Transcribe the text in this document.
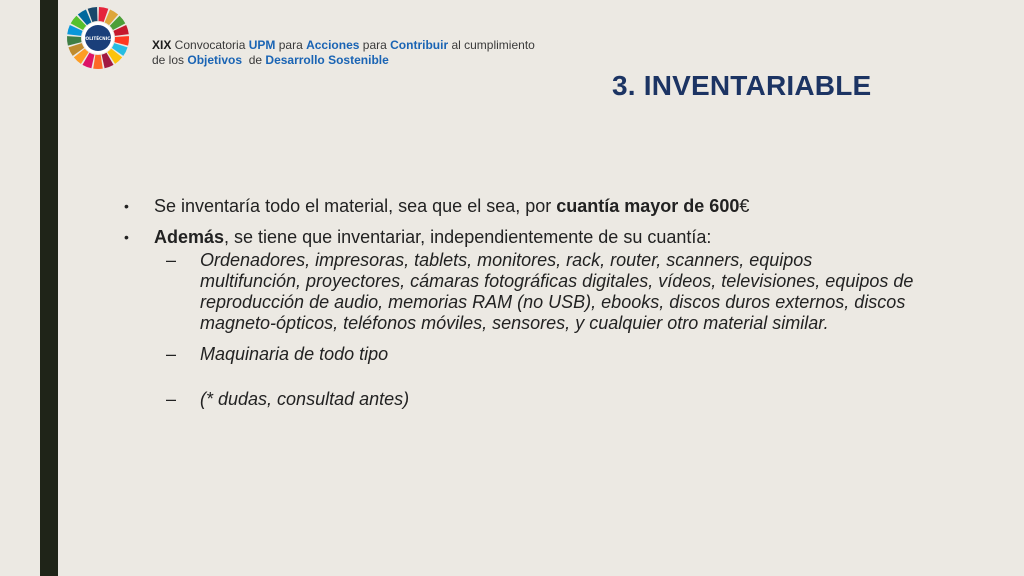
POLITÉCNICA	XIX Convocatoria UPM para Acciones para Contribuir al cumplimiento
de los Objetivos  de Desarrollo Sostenible
3. INVENTARIABLE
•	Se inventaría todo el material, sea que el sea, por cuantía mayor de 600€
•	Además, se tiene que inventariar, independientemente de su cuantía:
–	Ordenadores, impresoras, tablets, monitores, rack, router, scanners, equipos multifunción, proyectores, cámaras fotográficas digitales, vídeos, televisiones, equipos de reproducción de audio, memorias RAM (no USB), ebooks, discos duros externos, discos magneto-ópticos, teléfonos móviles, sensores, y cualquier otro material similar.
–	Maquinaria de todo tipo
–	(* dudas, consultad antes)
